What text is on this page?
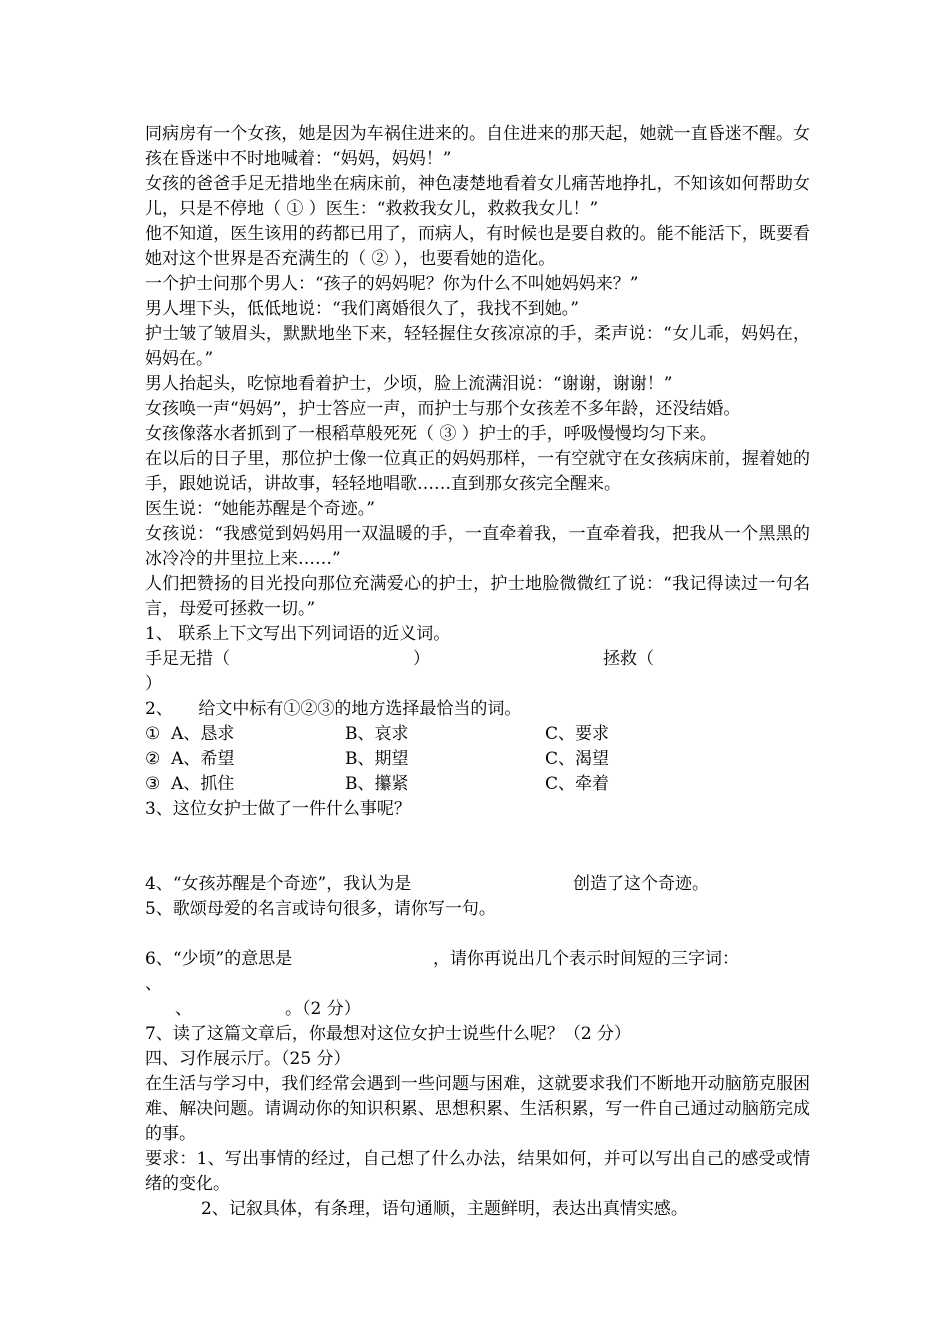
同病房有一个女孩，她是因为车祸住进来的。自住进来的那天起，她就一直昏迷不醒。女孩在昏迷中不时地喊着：“妈妈，妈妈！”

女孩的爸爸手足无措地坐在病床前，神色凄楚地看着女儿痛苦地挣扎，不知该如何帮助女儿，只是不停地（ ① ）医生：“救救我女儿，救救我女儿！”

他不知道，医生该用的药都已用了，而病人，有时候也是要自救的。能不能活下，既要看她对这个世界是否充满生的（ ② ），也要看她的造化。

一个护士问那个男人：“孩子的妈妈呢？你为什么不叫她妈妈来？”

男人埋下头，低低地说：“我们离婚很久了，我找不到她。”

护士皱了皱眉头，默默地坐下来，轻轻握住女孩凉凉的手，柔声说：“女儿乖，妈妈在，妈妈在。”

男人抬起头，吃惊地看着护士，少顷，脸上流满泪说：“谢谢，谢谢！”

女孩唤一声“妈妈”，护士答应一声，而护士与那个女孩差不多年龄，还没结婚。

女孩像落水者抓到了一根稻草般死死（ ③ ）护士的手，呼吸慢慢均匀下来。

在以后的日子里，那位护士像一位真正的妈妈那样，一有空就守在女孩病床前，握着她的手，跟她说话，讲故事，轻轻地唱歌……直到那女孩完全醒来。

医生说：“她能苏醒是个奇迹。”

女孩说：“我感觉到妈妈用一双温暖的手，一直牵着我，一直牵着我，把我从一个黑黑的冰冷冷的井里拉上来……”

人们把赞扬的目光投向那位充满爱心的护士，护士地脸微微红了说：“我记得读过一句名言，母爱可拯救一切。”

1、 联系上下文写出下列词语的近义词。

手足无措（	）	拯救（
）

2、　　给文中标有①②③的地方选择最恰当的词。

① A、恳求	B、哀求	C、要求
② A、希望	B、期望	C、渴望
③ A、抓住	B、攥紧	C、牵着

3、这位女护士做了一件什么事呢？

4、“女孩苏醒是个奇迹”，我认为是	创造了这个奇迹。

5、歌颂母爱的名言或诗句很多，请你写一句。

6、“少顷”的意思是	，请你再说出几个表示时间短的三字词：
、
、	。（2 分）

7、读了这篇文章后，你最想对这位女护士说些什么呢？（2 分）

四、习作展示厅。（25 分）

在生活与学习中，我们经常会遇到一些问题与困难，这就要求我们不断地开动脑筋克服困难、解决问题。请调动你的知识积累、思想积累、生活积累，写一件自己通过动脑筋完成的事。

要求：1、写出事情的经过，自己想了什么办法，结果如何，并可以写出自己的感受或情绪的变化。

2、记叙具体，有条理，语句通顺，主题鲜明，表达出真情实感。
